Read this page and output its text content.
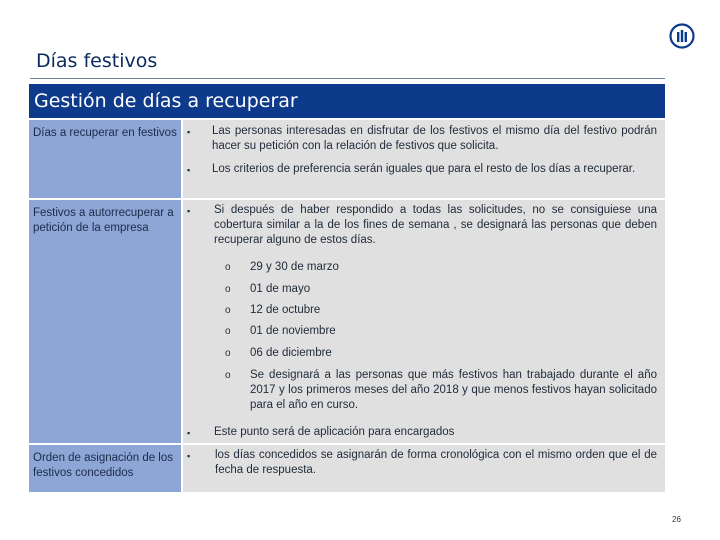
Días festivos
Gestión de días a recuperar
Días a recuperar en festivos	▪ Las personas interesadas en disfrutar de los festivos el mismo día del festivo podrán hacer su petición con la relación de festivos que solicita.
▪ Los criterios de preferencia serán iguales que para el resto de los días a recuperar.
Festivos a autorrecuperar a petición de la empresa
▪ Si después de haber respondido a todas las solicitudes, no se consiguiese una cobertura similar a la de los fines de semana , se designará las personas que deben recuperar alguno de estos días.
o 29 y 30 de marzo
o 01 de mayo
o 12 de octubre
o 01 de noviembre
o 06 de diciembre
o Se designará a las personas que más festivos han trabajado durante el año 2017 y los primeros meses del año 2018 y que menos festivos hayan solicitado para el año en curso.
▪ Este punto será de aplicación para encargados
Orden de asignación de los festivos concedidos
▪ los días concedidos se asignarán de forma cronológica con el mismo orden que el de fecha de respuesta.
26
